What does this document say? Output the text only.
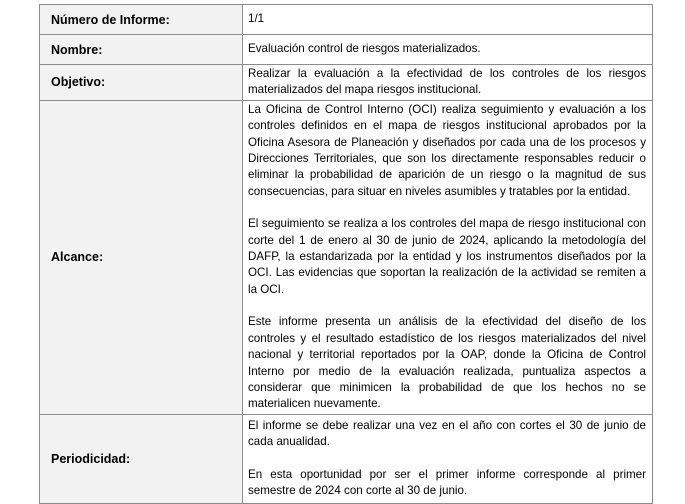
Número de Informe:	1/1

Nombre:	Evaluación control de riesgos materializados.

Objetivo:	Realizar la evaluación a la efectividad de los controles de los riesgos materializados del mapa riesgos institucional.

Alcance:	La Oficina de Control Interno (OCI) realiza seguimiento y evaluación a los controles definidos en el mapa de riesgos institucional aprobados por la Oficina Asesora de Planeación y diseñados por cada una de los procesos y Direcciones Territoriales, que son los directamente responsables reducir o eliminar la probabilidad de aparición de un riesgo o la magnitud de sus consecuencias, para situar en niveles asumibles y tratables por la entidad.

El seguimiento se realiza a los controles del mapa de riesgo institucional con corte del 1 de enero al 30 de junio de 2024, aplicando la metodología del DAFP, la estandarizada por la entidad y los instrumentos diseñados por la OCI. Las evidencias que soportan la realización de la actividad se remiten a la OCI.

Este informe presenta un análisis de la efectividad del diseño de los controles y el resultado estadístico de los riesgos materializados del nivel nacional y territorial reportados por la OAP, donde la Oficina de Control Interno por medio de la evaluación realizada, puntualiza aspectos a considerar que minimicen la probabilidad de que los hechos no se materialicen nuevamente.

Periodicidad:	El informe se debe realizar una vez en el año con cortes el 30 de junio de cada anualidad.

En esta oportunidad por ser el primer informe corresponde al primer semestre de 2024 con corte al 30 de junio.
